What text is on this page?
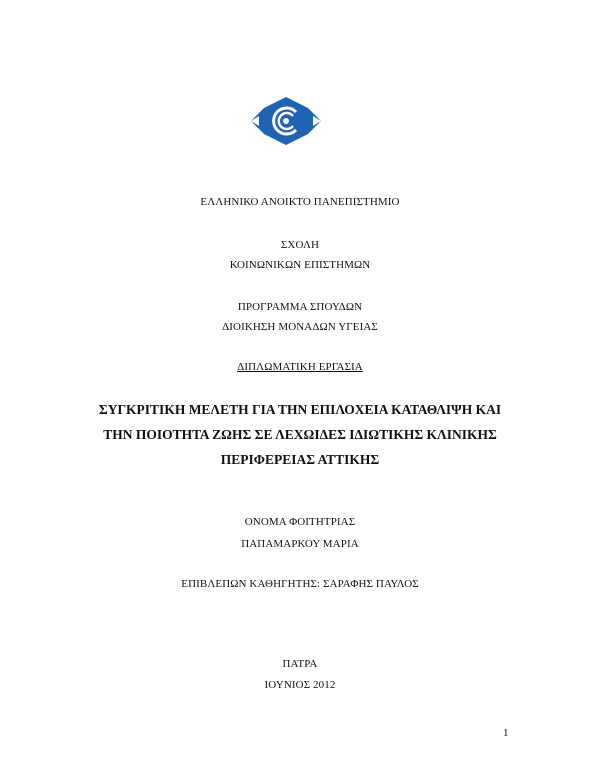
ΕΛΛΗΝΙΚΟ ΑΝΟΙΚΤΟ ΠΑΝΕΠΙΣΤΗΜΙΟ
ΣΧΟΛΗ
ΚΟΙΝΩΝΙΚΩΝ ΕΠΙΣΤΗΜΩΝ
ΠΡΟΓΡΑΜΜΑ ΣΠΟΥΔΩΝ
ΔΙΟΙΚΗΣΗ ΜΟΝΑΔΩΝ ΥΓΕΙΑΣ
ΔΙΠΛΩΜΑΤΙΚΗ ΕΡΓΑΣΙΑ
ΣΥΓΚΡΙΤΙΚΗ ΜΕΛΕΤΗ ΓΙΑ ΤΗΝ ΕΠΙΛΟΧΕΙΑ ΚΑΤΑΘΛΙΨΗ ΚΑΙ
ΤΗΝ ΠΟΙΟΤΗΤΑ ΖΩΗΣ ΣΕ ΛΕΧΩΙΔΕΣ ΙΔΙΩΤΙΚΗΣ ΚΛΙΝΙΚΗΣ
ΠΕΡΙΦΕΡΕΙΑΣ ΑΤΤΙΚΗΣ
ΟΝΟΜΑ ΦΟΙΤΗΤΡΙΑΣ
ΠΑΠΑΜΑΡΚΟΥ ΜΑΡΙΑ
ΕΠΙΒΛΕΠΩΝ ΚΑΘΗΓΗΤΗΣ: ΣΑΡΑΦΗΣ ΠΑΥΛΟΣ
ΠΑΤΡΑ
ΙΟΥΝΙΟΣ 2012
1
